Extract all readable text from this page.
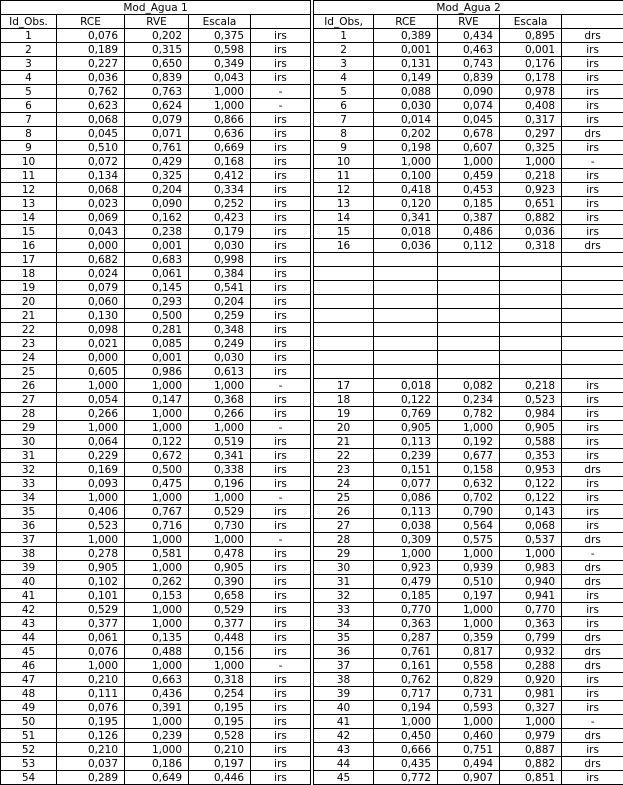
Mod_Agua 1						Mod_Agua 2				
Id_Obs.	RCE	RVE	Escala			Id_Obs,	RCE	RVE	Escala	
1	0,076	0,202	0,375	irs		1	0,389	0,434	0,895	drs
2	0,189	0,315	0,598	irs		2	0,001	0,463	0,001	irs
3	0,227	0,650	0,349	irs		3	0,131	0,743	0,176	irs
4	0,036	0,839	0,043	irs		4	0,149	0,839	0,178	irs
5	0,762	0,763	1,000	-		5	0,088	0,090	0,978	irs
6	0,623	0,624	1,000	-		6	0,030	0,074	0,408	irs
7	0,068	0,079	0,866	irs		7	0,014	0,045	0,317	irs
8	0,045	0,071	0,636	irs		8	0,202	0,678	0,297	drs
9	0,510	0,761	0,669	irs		9	0,198	0,607	0,325	irs
10	0,072	0,429	0,168	irs		10	1,000	1,000	1,000	-
11	0,134	0,325	0,412	irs		11	0,100	0,459	0,218	irs
12	0,068	0,204	0,334	irs		12	0,418	0,453	0,923	irs
13	0,023	0,090	0,252	irs		13	0,120	0,185	0,651	irs
14	0,069	0,162	0,423	irs		14	0,341	0,387	0,882	irs
15	0,043	0,238	0,179	irs		15	0,018	0,486	0,036	irs
16	0,000	0,001	0,030	irs		16	0,036	0,112	0,318	drs
17	0,682	0,683	0,998	irs						
18	0,024	0,061	0,384	irs						
19	0,079	0,145	0,541	irs						
20	0,060	0,293	0,204	irs						
21	0,130	0,500	0,259	irs						
22	0,098	0,281	0,348	irs						
23	0,021	0,085	0,249	irs						
24	0,000	0,001	0,030	irs						
25	0,605	0,986	0,613	irs						
26	1,000	1,000	1,000	-		17	0,018	0,082	0,218	irs
27	0,054	0,147	0,368	irs		18	0,122	0,234	0,523	irs
28	0,266	1,000	0,266	irs		19	0,769	0,782	0,984	irs
29	1,000	1,000	1,000	-		20	0,905	1,000	0,905	irs
30	0,064	0,122	0,519	irs		21	0,113	0,192	0,588	irs
31	0,229	0,672	0,341	irs		22	0,239	0,677	0,353	irs
32	0,169	0,500	0,338	irs		23	0,151	0,158	0,953	drs
33	0,093	0,475	0,196	irs		24	0,077	0,632	0,122	irs
34	1,000	1,000	1,000	-		25	0,086	0,702	0,122	irs
35	0,406	0,767	0,529	irs		26	0,113	0,790	0,143	irs
36	0,523	0,716	0,730	irs		27	0,038	0,564	0,068	irs
37	1,000	1,000	1,000	-		28	0,309	0,575	0,537	drs
38	0,278	0,581	0,478	irs		29	1,000	1,000	1,000	-
39	0,905	1,000	0,905	irs		30	0,923	0,939	0,983	drs
40	0,102	0,262	0,390	irs		31	0,479	0,510	0,940	drs
41	0,101	0,153	0,658	irs		32	0,185	0,197	0,941	irs
42	0,529	1,000	0,529	irs		33	0,770	1,000	0,770	irs
43	0,377	1,000	0,377	irs		34	0,363	1,000	0,363	irs
44	0,061	0,135	0,448	irs		35	0,287	0,359	0,799	drs
45	0,076	0,488	0,156	irs		36	0,761	0,817	0,932	drs
46	1,000	1,000	1,000	-		37	0,161	0,558	0,288	drs
47	0,210	0,663	0,318	irs		38	0,762	0,829	0,920	irs
48	0,111	0,436	0,254	irs		39	0,717	0,731	0,981	irs
49	0,076	0,391	0,195	irs		40	0,194	0,593	0,327	irs
50	0,195	1,000	0,195	irs		41	1,000	1,000	1,000	-
51	0,126	0,239	0,528	irs		42	0,450	0,460	0,979	drs
52	0,210	1,000	0,210	irs		43	0,666	0,751	0,887	irs
53	0,037	0,186	0,197	irs		44	0,435	0,494	0,882	drs
54	0,289	0,649	0,446	irs		45	0,772	0,907	0,851	irs
